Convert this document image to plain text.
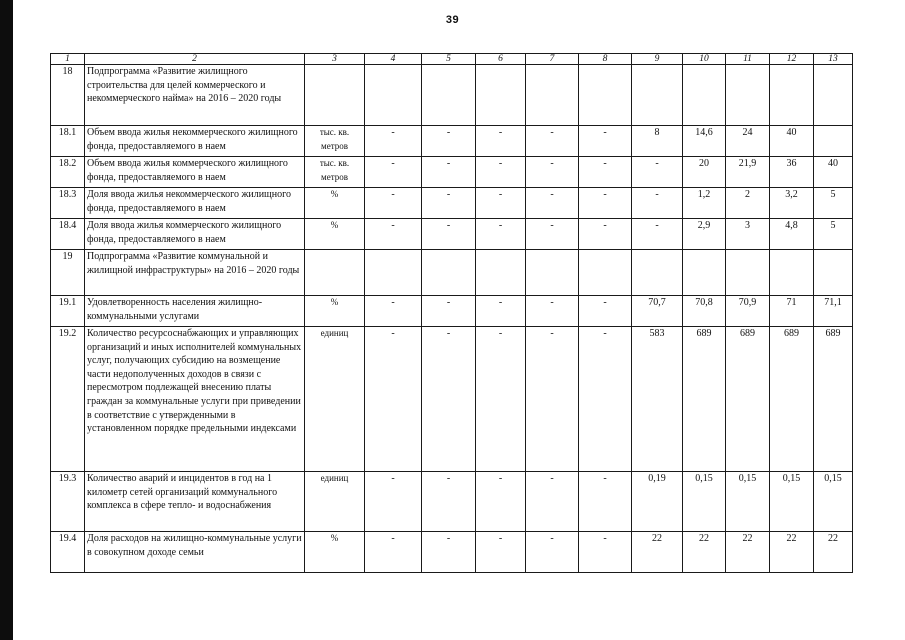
39
1	2	3	4	5	6	7	8	9	10	11	12	13
18	Подпрограмма «Развитие жилищного строительства для целей коммерческого и некоммерческого найма» на 2016 – 2020 годы											
18.1	Объем ввода жилья некоммерческого жилищного фонда, предоставляемого в наем	тыс. кв. метров	-	-	-	-	-	8	14,6	24	40	
18.2	Объем ввода жилья коммерческого жилищного фонда, предоставляемого в наем	тыс. кв. метров	-	-	-	-	-	-	20	21,9	36	40
18.3	Доля ввода жилья некоммерческого жилищного фонда, предоставляемого в наем	%	-	-	-	-	-	-	1,2	2	3,2	5
18.4	Доля ввода жилья коммерческого жилищного фонда, предоставляемого в наем	%	-	-	-	-	-	-	2,9	3	4,8	5
19	Подпрограмма «Развитие коммунальной и жилищной инфраструктуры» на 2016 – 2020 годы											
19.1	Удовлетворенность населения жилищно-коммунальными услугами	%	-	-	-	-	-	70,7	70,8	70,9	71	71,1
19.2	Количество ресурсоснабжающих и управляющих организаций и иных исполнителей коммунальных услуг, получающих субсидию на возмещение части недополученных доходов в связи с пересмотром подлежащей внесению платы граждан за коммунальные услуги при приведении в соответствие с утвержденными в установленном порядке предельными индексами	единиц	-	-	-	-	-	583	689	689	689	689
19.3	Количество аварий и инцидентов в год на 1 километр сетей организаций коммунального комплекса в сфере тепло- и водоснабжения	единиц	-	-	-	-	-	0,19	0,15	0,15	0,15	0,15
19.4	Доля расходов на жилищно-коммунальные услуги в совокупном доходе семьи	%	-	-	-	-	-	22	22	22	22	22
